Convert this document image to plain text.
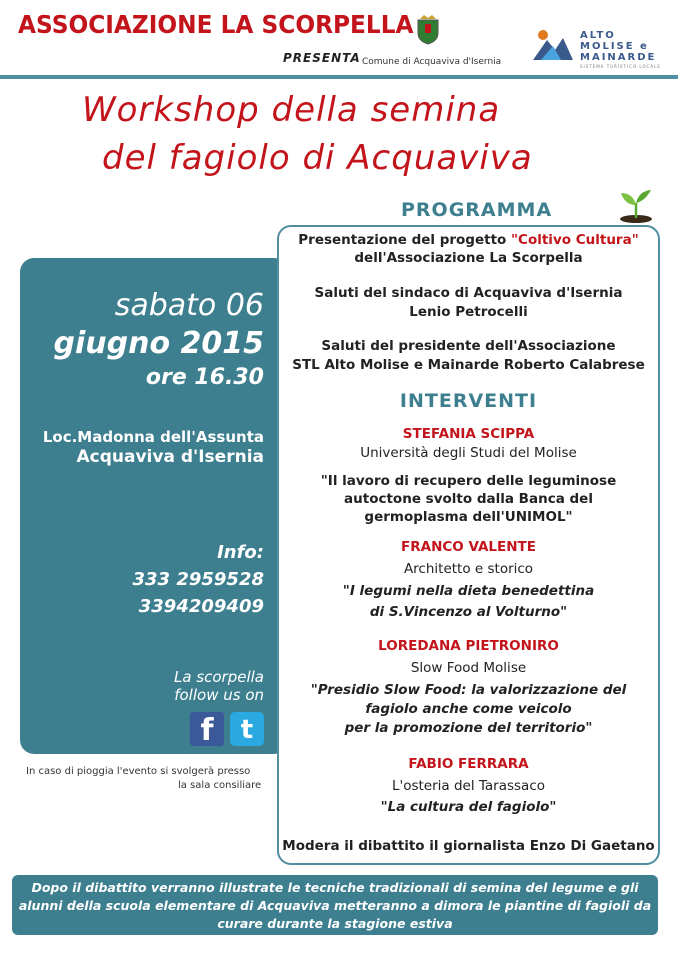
ASSOCIAZIONE LA SCORPELLA
PRESENTA Comune di Acquaviva d'Isernia
ALTO
MOLISE e
MAINARDE
SISTEMA TURISTICO LOCALE
Workshop della semina
del fagiolo di Acquaviva
sabato 06
giugno 2015
ore 16.30
Loc.Madonna dell'Assunta
Acquaviva d'Isernia
Info:
333 2959528
3394209409
La scorpella
follow us on
f	t
In caso di pioggia l'evento si svolgerà presso
la sala consiliare
PROGRAMMA
Presentazione del progetto "Coltivo Cultura"
dell'Associazione La Scorpella
Saluti del sindaco di Acquaviva d'Isernia
Lenio Petrocelli
Saluti del presidente dell'Associazione
STL Alto Molise e Mainarde Roberto Calabrese
INTERVENTI
STEFANIA SCIPPA
Università degli Studi del Molise
"Il lavoro di recupero delle leguminose
autoctone svolto dalla Banca del
germoplasma dell'UNIMOL"
FRANCO VALENTE
Architetto e storico
"I legumi nella dieta benedettina
di S.Vincenzo al Volturno"
LOREDANA PIETRONIRO
Slow Food Molise
"Presidio Slow Food: la valorizzazione del
fagiolo anche come veicolo
per la promozione del territorio"
FABIO FERRARA
L'osteria del Tarassaco
"La cultura del fagiolo"
Modera il dibattito il giornalista Enzo Di Gaetano
Dopo il dibattito verranno illustrate le tecniche tradizionali di semina del legume e gli
alunni della scuola elementare di Acquaviva metteranno a dimora le piantine di fagioli da
curare durante la stagione estiva
